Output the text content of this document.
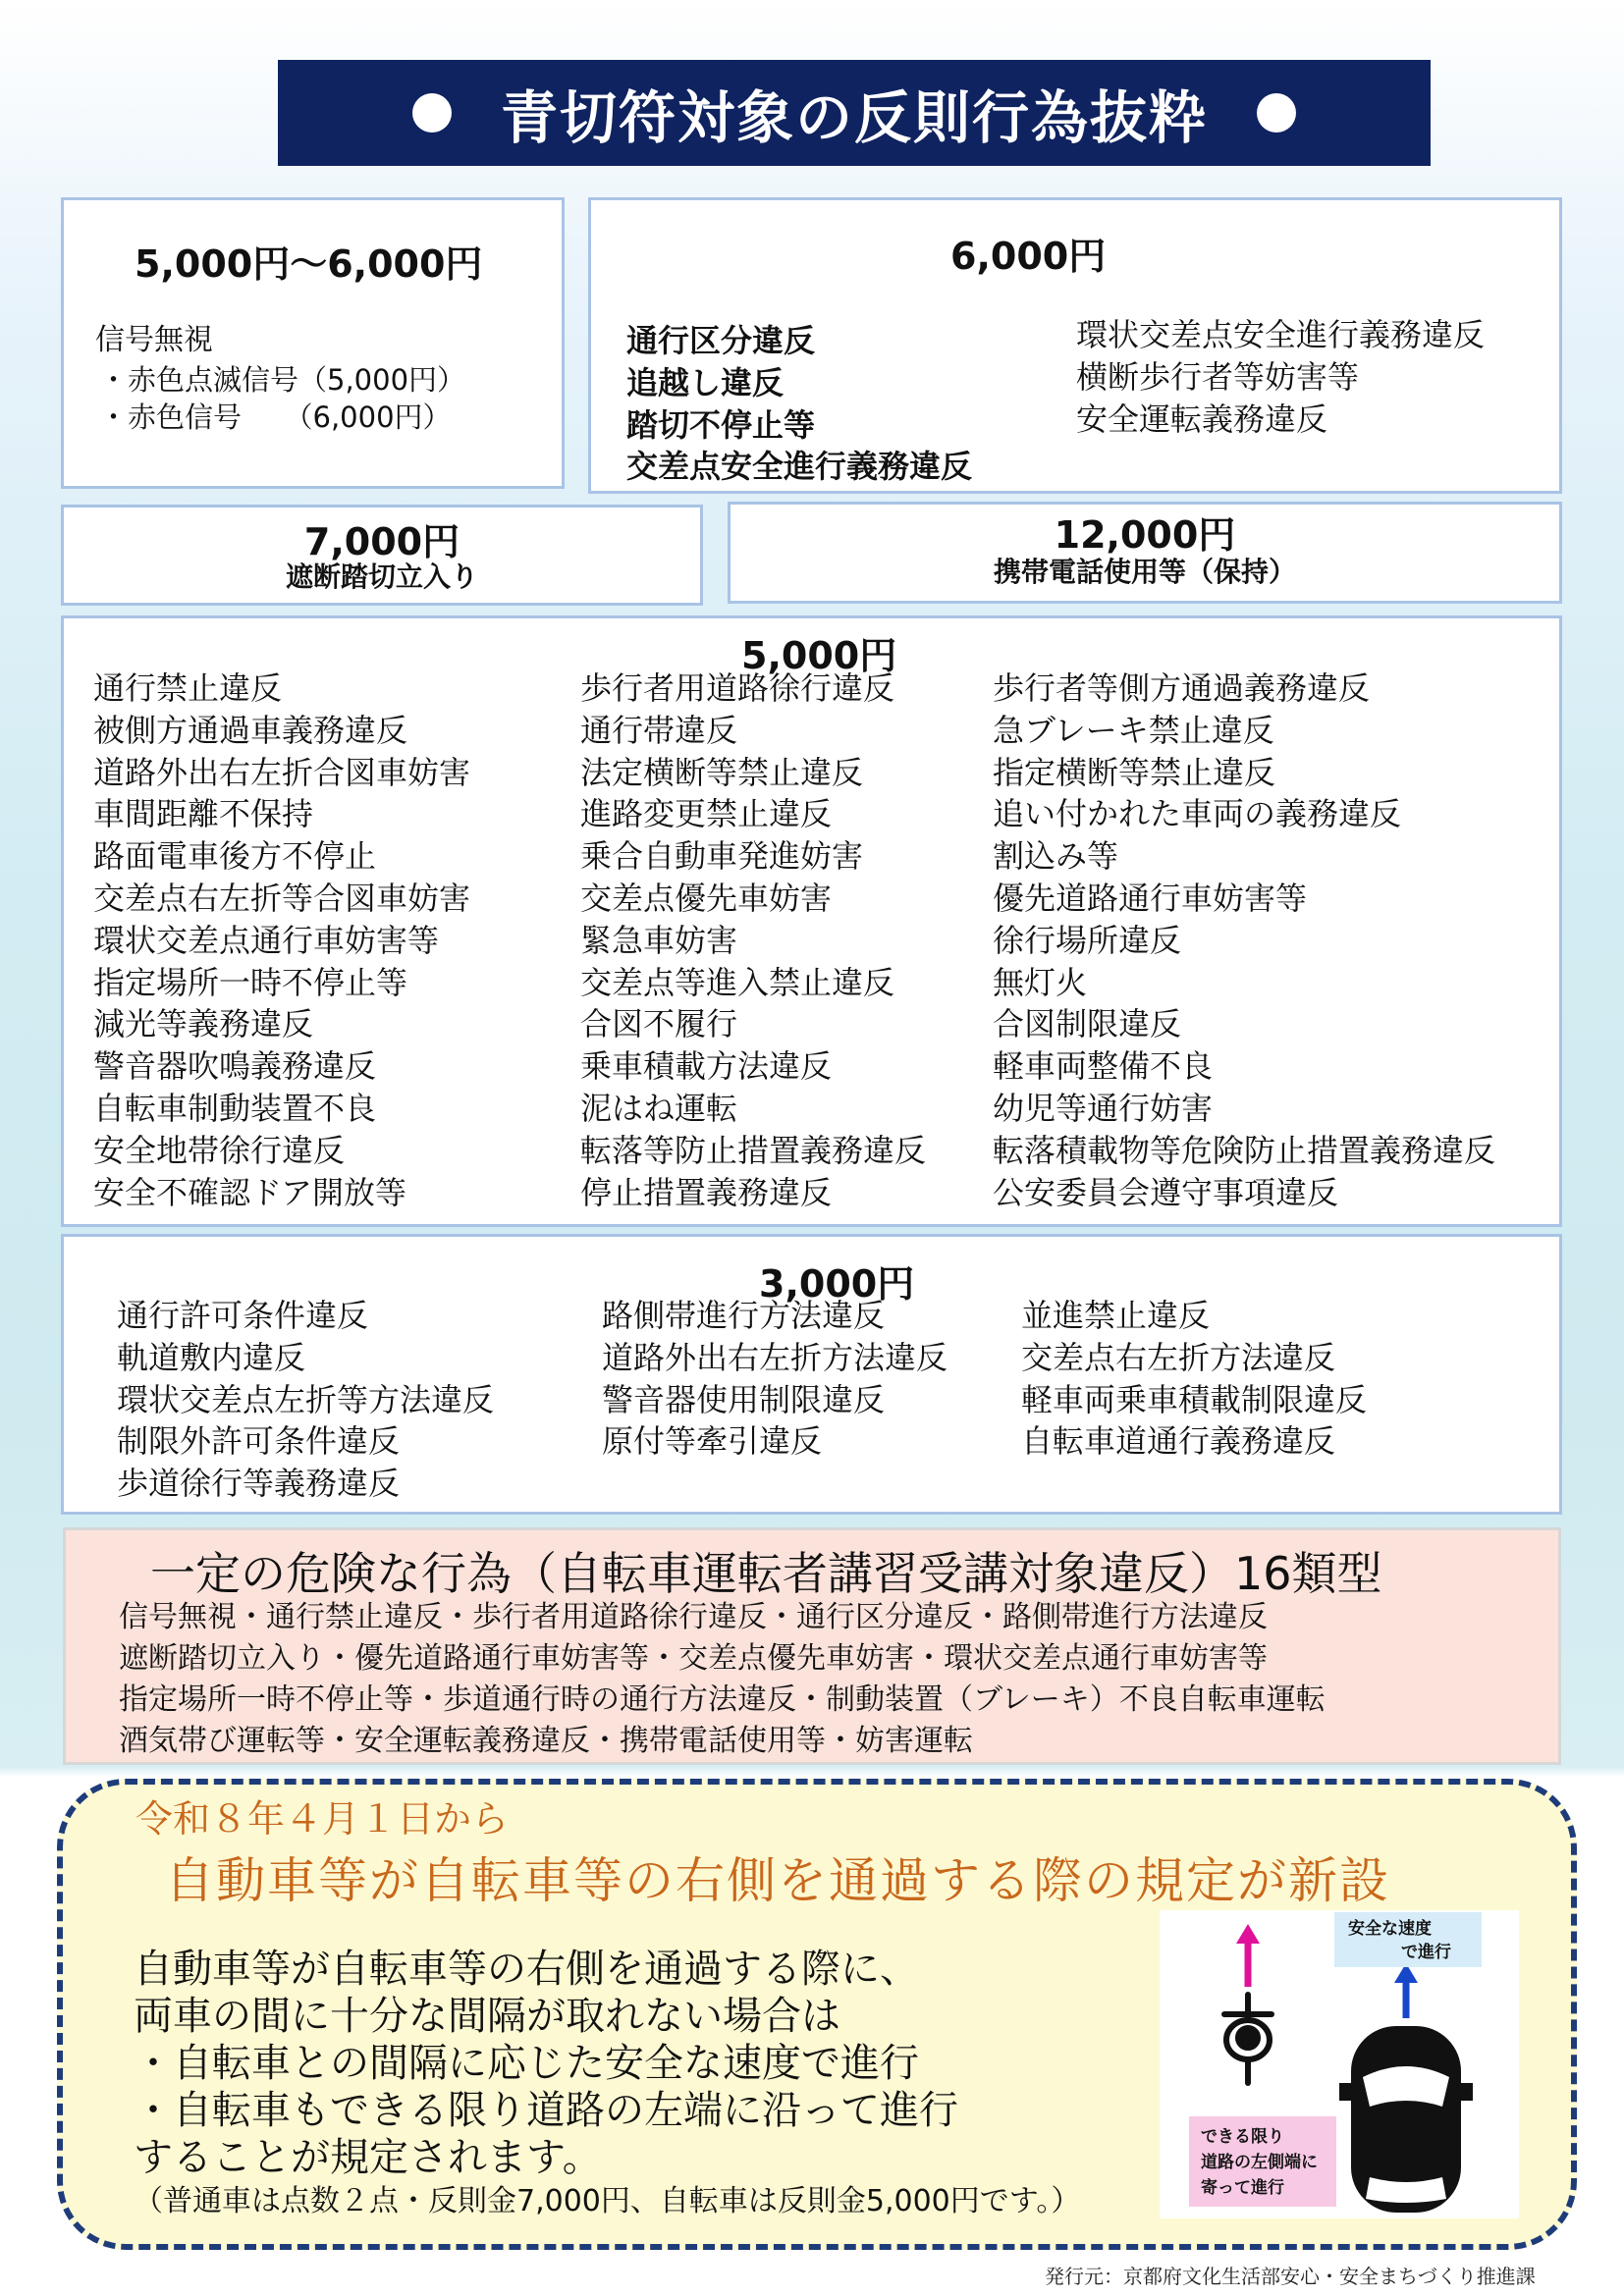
青切符対象の反則行為抜粋
5,000円～6,000円
信号無視
・赤色点滅信号（5,000円）
・赤色信号　　（6,000円）
6,000円
通行区分違反
追越し違反
踏切不停止等
交差点安全進行義務違反
環状交差点安全進行義務違反
横断歩行者等妨害等
安全運転義務違反
7,000円
遮断踏切立入り
12,000円
携帯電話使用等（保持）
5,000円
通行禁止違反
被側方通過車義務違反
道路外出右左折合図車妨害
車間距離不保持
路面電車後方不停止
交差点右左折等合図車妨害
環状交差点通行車妨害等
指定場所一時不停止等
減光等義務違反
警音器吹鳴義務違反
自転車制動装置不良
安全地帯徐行違反
安全不確認ドア開放等
歩行者用道路徐行違反
通行帯違反
法定横断等禁止違反
進路変更禁止違反
乗合自動車発進妨害
交差点優先車妨害
緊急車妨害
交差点等進入禁止違反
合図不履行
乗車積載方法違反
泥はね運転
転落等防止措置義務違反
停止措置義務違反
歩行者等側方通過義務違反
急ブレーキ禁止違反
指定横断等禁止違反
追い付かれた車両の義務違反
割込み等
優先道路通行車妨害等
徐行場所違反
無灯火
合図制限違反
軽車両整備不良
幼児等通行妨害
転落積載物等危険防止措置義務違反
公安委員会遵守事項違反
3,000円
通行許可条件違反
軌道敷内違反
環状交差点左折等方法違反
制限外許可条件違反
歩道徐行等義務違反
路側帯進行方法違反
道路外出右左折方法違反
警音器使用制限違反
原付等牽引違反
並進禁止違反
交差点右左折方法違反
軽車両乗車積載制限違反
自転車道通行義務違反
一定の危険な行為（自転車運転者講習受講対象違反）16類型
信号無視・通行禁止違反・歩行者用道路徐行違反・通行区分違反・路側帯進行方法違反
遮断踏切立入り・優先道路通行車妨害等・交差点優先車妨害・環状交差点通行車妨害等
指定場所一時不停止等・歩道通行時の通行方法違反・制動装置（ブレーキ）不良自転車運転
酒気帯び運転等・安全運転義務違反・携帯電話使用等・妨害運転
令和８年４月１日から
自動車等が自転車等の右側を通過する際の規定が新設
自動車等が自転車等の右側を通過する際に、
両車の間に十分な間隔が取れない場合は
・自転車との間隔に応じた安全な速度で進行
・自転車もできる限り道路の左端に沿って進行
することが規定されます。
（普通車は点数２点・反則金7,000円、自転車は反則金5,000円です。）
安全な速度
で進行
できる限り
道路の左側端に
寄って進行
発行元：京都府文化生活部安心・安全まちづくり推進課
